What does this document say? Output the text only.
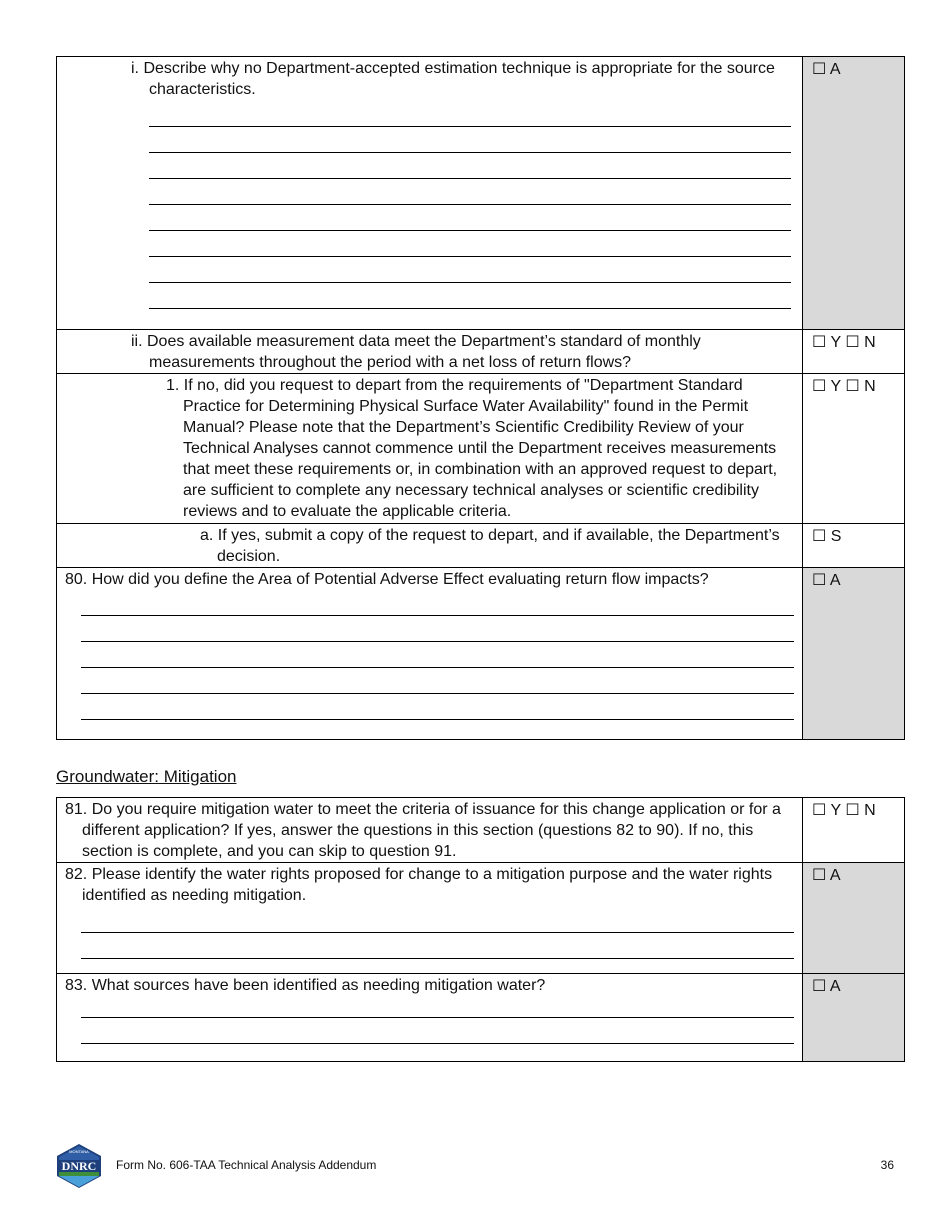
i. Describe why no Department-accepted estimation technique is appropriate for the source characteristics.	☐ A

ii. Does available measurement data meet the Department’s standard of monthly measurements throughout the period with a net loss of return flows?	☐ Y ☐ N

1. If no, did you request to depart from the requirements of "Department Standard Practice for Determining Physical Surface Water Availability" found in the Permit Manual? Please note that the Department’s Scientific Credibility Review of your Technical Analyses cannot commence until the Department receives measurements that meet these requirements or, in combination with an approved request to depart, are sufficient to complete any necessary technical analyses or scientific credibility reviews and to evaluate the applicable criteria.	☐ Y ☐ N

a. If yes, submit a copy of the request to depart, and if available, the Department’s decision.	☐ S

80. How did you define the Area of Potential Adverse Effect evaluating return flow impacts?	☐ A
Groundwater: Mitigation
81. Do you require mitigation water to meet the criteria of issuance for this change application or for a different application? If yes, answer the questions in this section (questions 82 to 90). If no, this section is complete, and you can skip to question 91.	☐ Y ☐ N

82. Please identify the water rights proposed for change to a mitigation purpose and the water rights identified as needing mitigation.	☐ A

83. What sources have been identified as needing mitigation water?	☐ A
MONTANA
DNRC Form No. 606-TAA Technical Analysis Addendum	36
